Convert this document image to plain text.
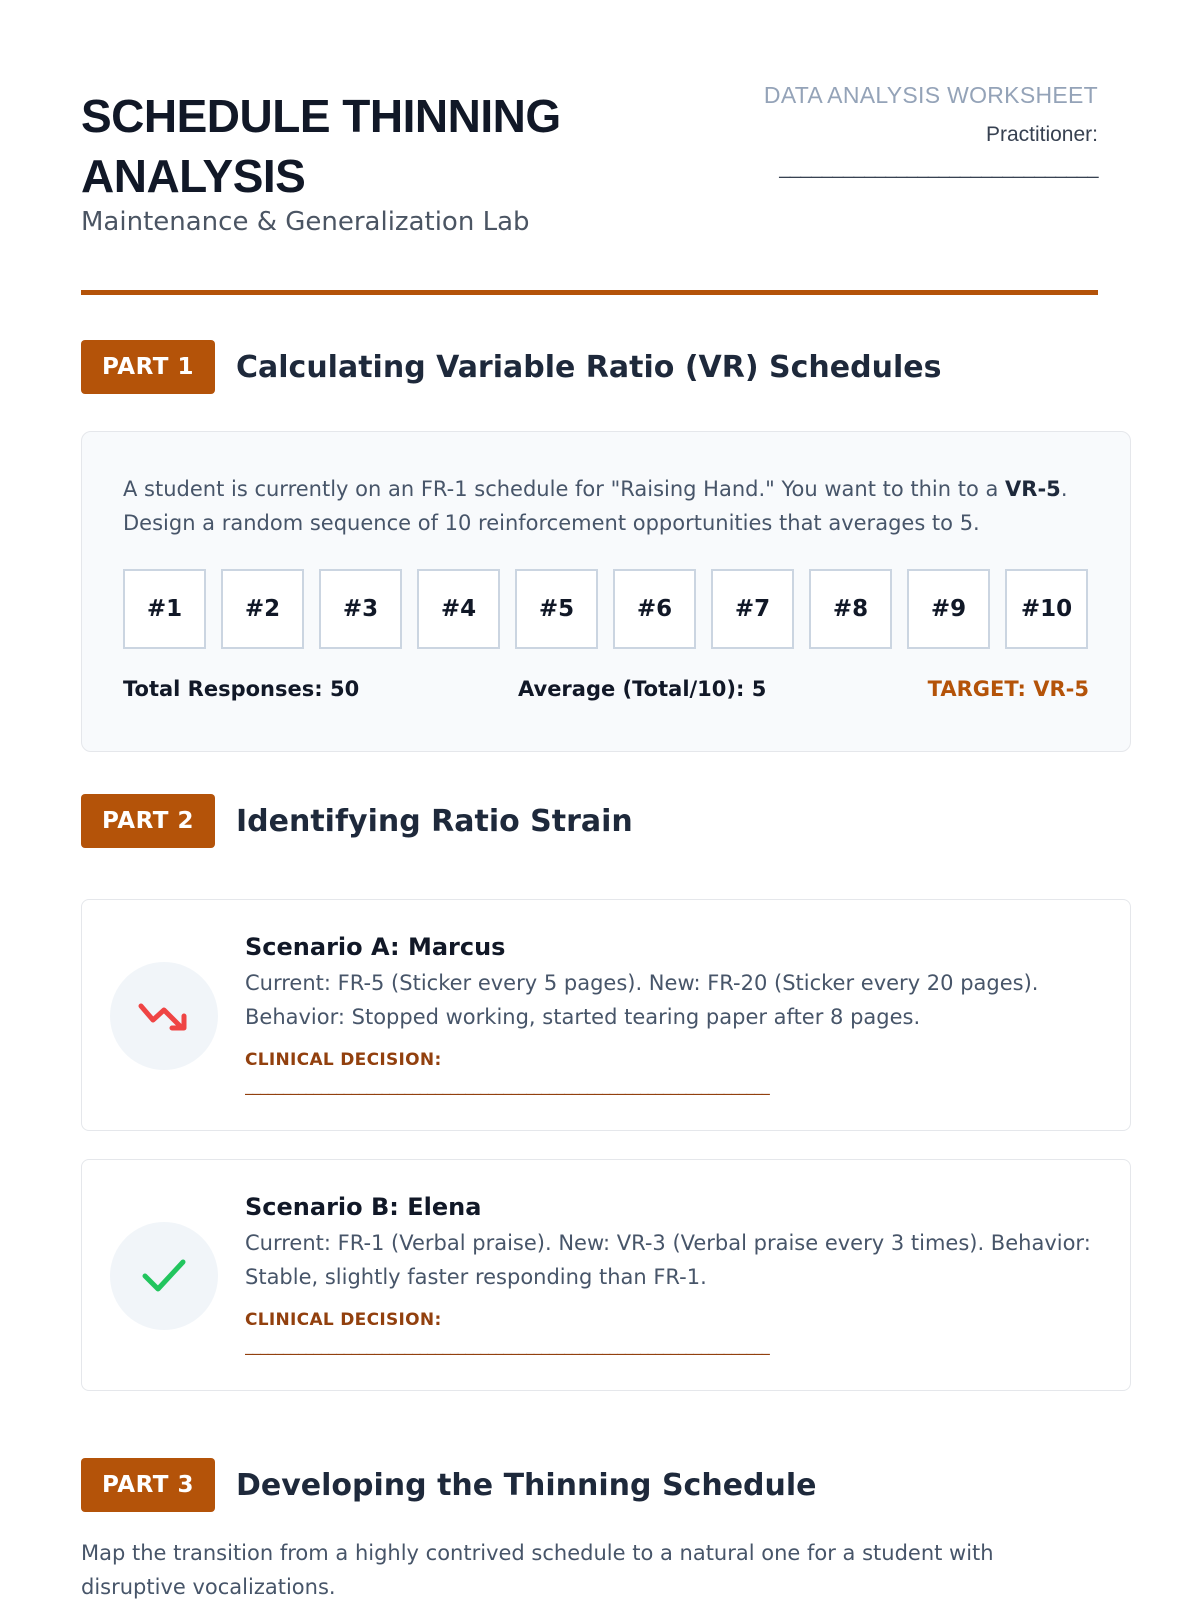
SCHEDULE THINNING
ANALYSIS
Maintenance & Generalization Lab
DATA ANALYSIS WORKSHEET
Practitioner:
______________________________
PART 1	Calculating Variable Ratio (VR) Schedules
A student is currently on an FR-1 schedule for "Raising Hand." You want to thin to a VR-5. Design a random sequence of 10 reinforcement opportunities that averages to 5.
#1	#2	#3	#4	#5	#6	#7	#8	#9	#10
Total Responses: 50	Average (Total/10): 5	TARGET: VR-5
PART 2	Identifying Ratio Strain
Scenario A: Marcus
Current: FR-5 (Sticker every 5 pages). New: FR-20 (Sticker every 20 pages). Behavior: Stopped working, started tearing paper after 8 pages.
CLINICAL DECISION:
_____________________________________________________________________
Scenario B: Elena
Current: FR-1 (Verbal praise). New: VR-3 (Verbal praise every 3 times). Behavior: Stable, slightly faster responding than FR-1.
CLINICAL DECISION:
_____________________________________________________________________
PART 3	Developing the Thinning Schedule
Map the transition from a highly contrived schedule to a natural one for a student with disruptive vocalizations.
